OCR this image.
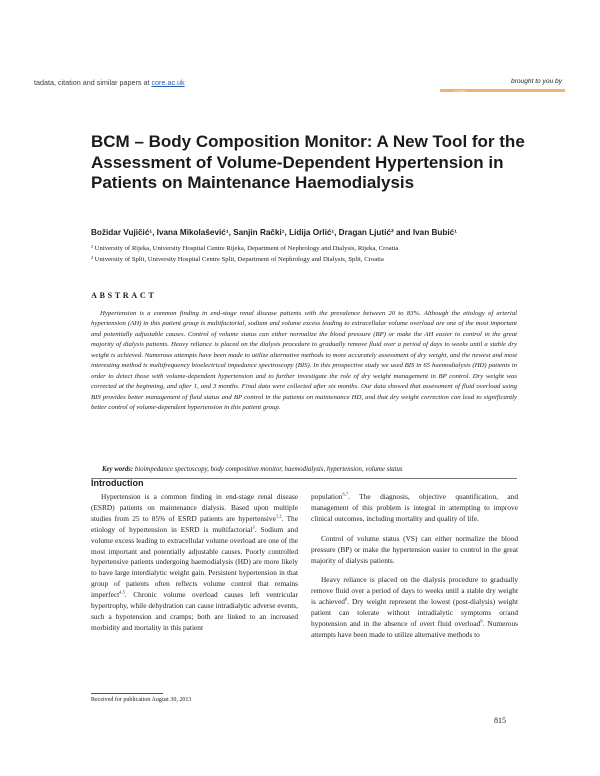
tadata, citation and similar papers at core.ac.uk	brought to you by
CORE
BCM – Body Composition Monitor: A New Tool for the Assessment of Volume-Dependent Hypertension in Patients on Maintenance Haemodialysis
Božidar Vujičić¹, Ivana Mikolašević¹, Sanjin Rački¹, Lidija Orlić¹, Dragan Ljutić² and Ivan Bubić¹
¹ University of Rijeka, University Hospital Centre Rijeka, Department of Nephrology and Dialysis, Rijeka, Croatia
² University of Split, University Hospital Centre Split, Department of Nephrology and Dialysis, Split, Croatia
ABSTRACT

Hypertension is a common finding in end-stage renal disease patients with the prevalence between 20 to 83%. Although the etiology of arterial hypertension (AH) in this patient group is multifactorial, sodium and volume excess leading to extracellular volume overload are one of the most important and potentially adjustable causes. Control of volume status can either normalize the blood pressure (BP) or make the AH easier to control in the great majority of dialysis patients. Heavy reliance is placed on the dialysis procedure to gradually remove fluid over a period of days to weeks until a stable dry weight is achieved. Numerous attempts have been made to utilize alternative methods to more accurately assessment of dry weight, and the newest and most interesting method is multifrequency bioelectrical impedance spectroscopy (BIS). In this prospective study we used BIS in 65 haemodialysis (HD) patients in order to detect those with volume-dependent hypertension and to further investigate the role of dry weight management in BP control. Dry weight was corrected at the beginning, and after 1, and 3 months. Final data were collected after six months. Our data showed that assessment of fluid overload using BIS provides better management of fluid status and BP control in the patients on maintenance HD, and that dry weight correction can lead to significantly better control of volume-dependent hypertension in this patient group.

Key words: bioimpedance spectoscopy, body composition monitor, haemodialysis, hypertension, volume status
Introduction

Hypertension is a common finding in end-stage renal disease (ESRD) patients on maintenance dialysis. Based upon multiple studies from 25 to 85% of ESRD patients are hypertensive$^{1,2}$. The etiology of hypertension in ESRD is multifactorial$^3$. Sodium and volume excess leading to extracellular volume overload are one of the most important and potentially adjustable causes. Poorly controlled hypertensive patients undergoing haemodialysis (HD) are more likely to have large interdialytic weight gain. Persistent hypertension in that group of patients often reflects volume control that remains imperfect$^{4,5}$. Chronic volume overload causes left ventricular hypertrophy, while dehydration can cause intradialytic adverse events, such a hypotension and cramps; both are linked to an increased morbidity and mortality in this patient

population$^{6,7}$. The diagnosis, objective quantification, and management of this problem is integral in attempting to improve clinical outcomes, including mortality and quality of life.

Control of volume status (VS) can either normalize the blood pressure (BP) or make the hypertension easier to control in the great majority of dialysis patients.

Heavy reliance is placed on the dialysis procedure to gradually remove fluid over a period of days to weeks until a stable dry weight is achieved$^8$. Dry weight represent the lowest (post-dialysis) weight patient can tolerate without intradialytic symptoms or/and hypotension and in the absence of overt fluid overload$^9$. Numerous attempts have been made to utilize alternative methods to

Received for publication August 30, 2013
815
